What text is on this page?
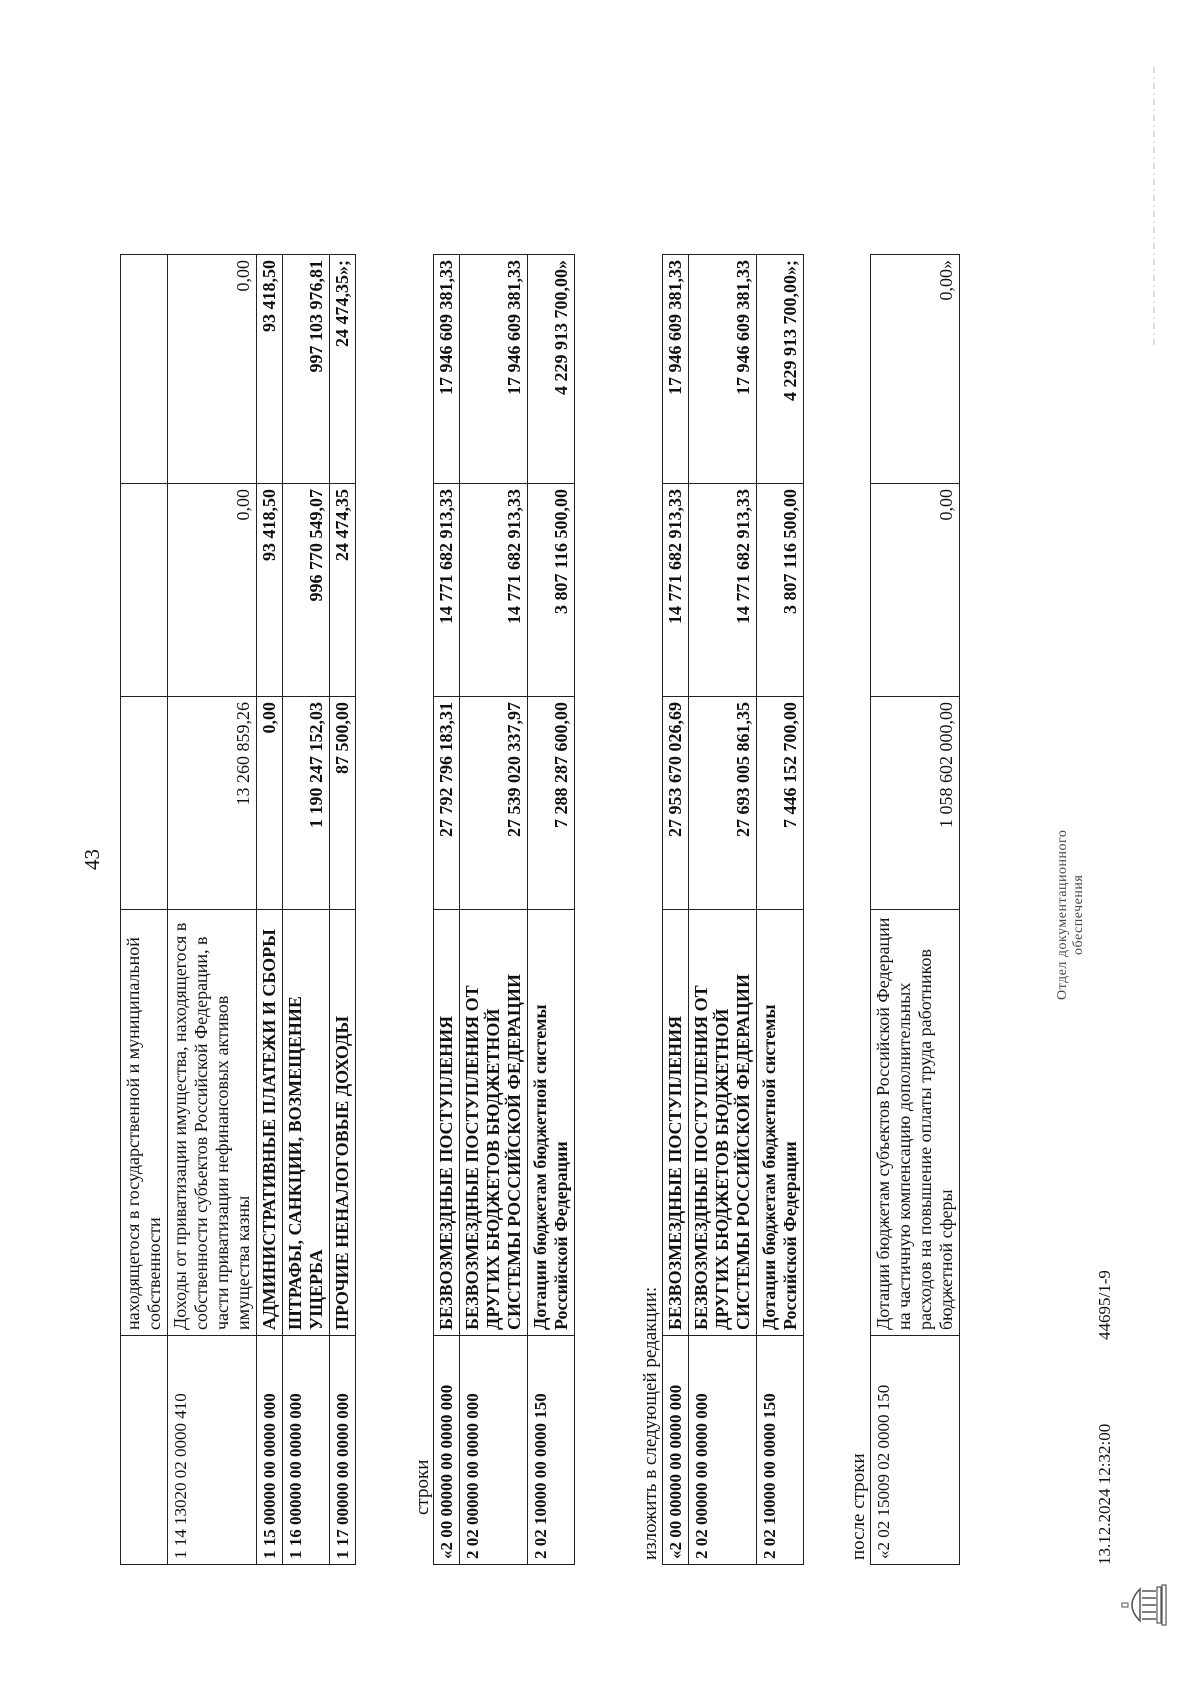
43
	находящегося в государственной и муниципальной собственности			
1 14 13020 02 0000 410	Доходы от приватизации имущества, находящегося в собственности субъектов Российской Федерации, в части приватизации нефинансовых активов имущества казны	13 260 859,26	0,00	0,00
1 15 00000 00 0000 000	АДМИНИСТРАТИВНЫЕ ПЛАТЕЖИ И СБОРЫ	0,00	93 418,50	93 418,50
1 16 00000 00 0000 000	ШТРАФЫ, САНКЦИИ, ВОЗМЕЩЕНИЕ УЩЕРБА	1 190 247 152,03	996 770 549,07	997 103 976,81
1 17 00000 00 0000 000	ПРОЧИЕ НЕНАЛОГОВЫЕ ДОХОДЫ	87 500,00	24 474,35	24 474,35»;
строки «2 00 00000 00 0000 000	БЕЗВОЗМЕЗДНЫЕ ПОСТУПЛЕНИЯ	27 792 796 183,31	14 771 682 913,33	17 946 609 381,33
2 02 00000 00 0000 000	БЕЗВОЗМЕЗДНЫЕ ПОСТУПЛЕНИЯ ОТ ДРУГИХ БЮДЖЕТОВ БЮДЖЕТНОЙ СИСТЕМЫ РОССИЙСКОЙ ФЕДЕРАЦИИ	27 539 020 337,97	14 771 682 913,33	17 946 609 381,33
2 02 10000 00 0000 150	Дотации бюджетам бюджетной системы Российской Федерации	7 288 287 600,00	3 807 116 500,00	4 229 913 700,00»
изложить в следующей редакции: «2 00 00000 00 0000 000	БЕЗВОЗМЕЗДНЫЕ ПОСТУПЛЕНИЯ	27 953 670 026,69	14 771 682 913,33	17 946 609 381,33
2 02 00000 00 0000 000	БЕЗВОЗМЕЗДНЫЕ ПОСТУПЛЕНИЯ ОТ ДРУГИХ БЮДЖЕТОВ БЮДЖЕТНОЙ СИСТЕМЫ РОССИЙСКОЙ ФЕДЕРАЦИИ	27 693 005 861,35	14 771 682 913,33	17 946 609 381,33
2 02 10000 00 0000 150	Дотации бюджетам бюджетной системы Российской Федерации	7 446 152 700,00	3 807 116 500,00	4 229 913 700,00»;
после строки «2 02 15009 02 0000 150	Дотации бюджетам субъектов Российской Федерации на частичную компенсацию дополнительных расходов на повышение оплаты труда работников бюджетной сферы	1 058 602 000,00	0,00	0,00»
13.12.2024 12:32:00
44695/1-9
Отдел документационного обеспечения
